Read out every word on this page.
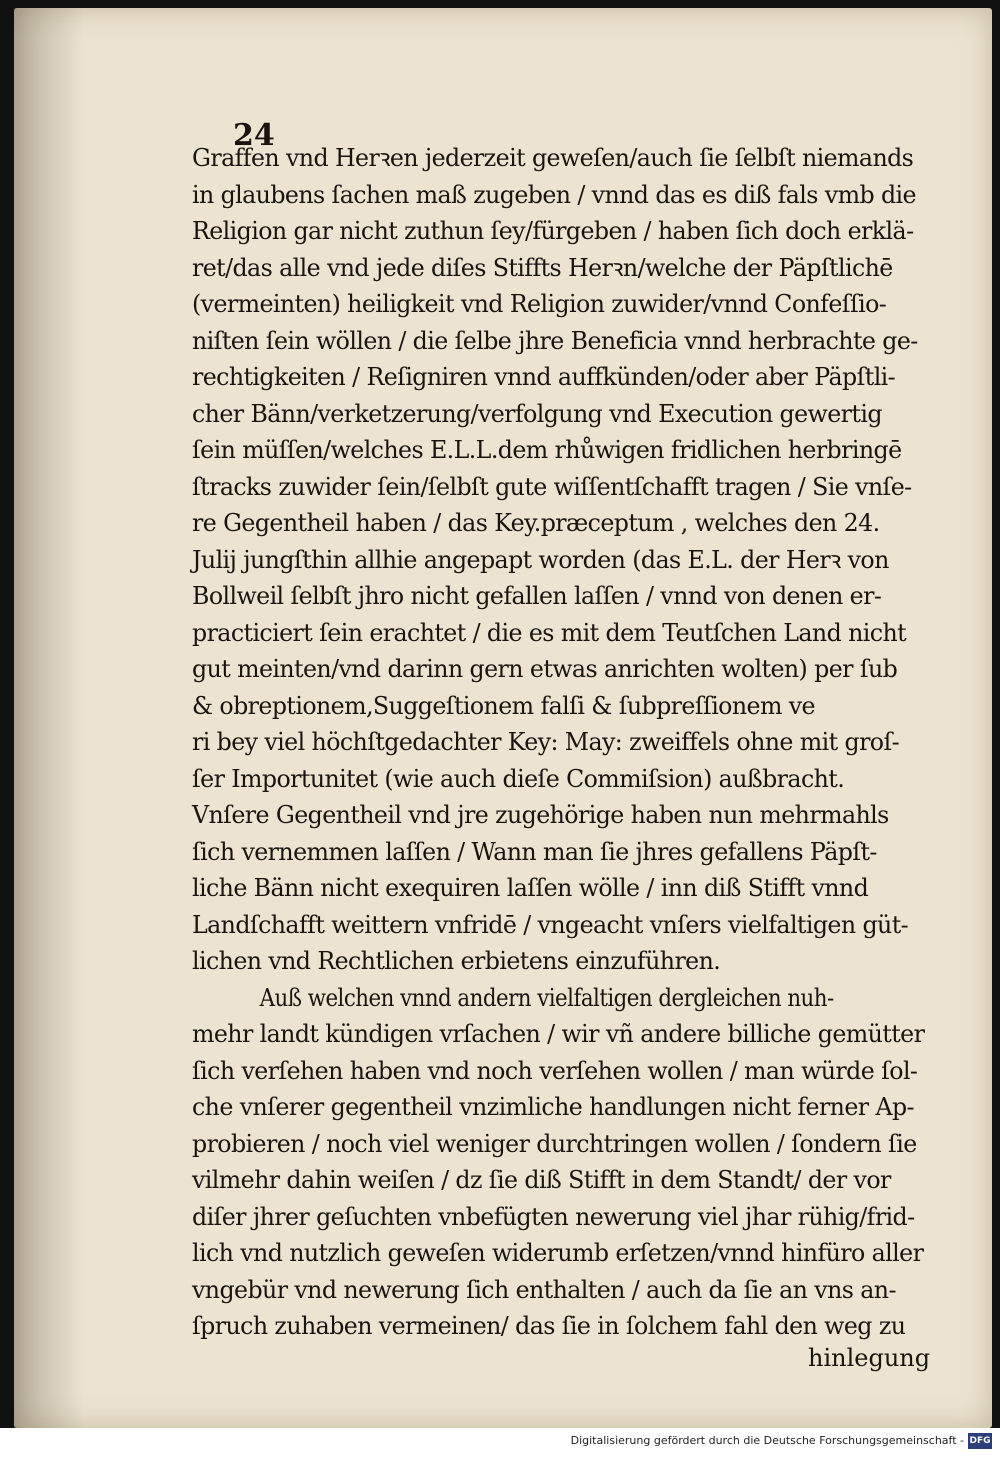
24
Graffen vnd Herꝛen jederzeit geweſen/auch ſie ſelbſt niemands
in glaubens ſachen maß zugeben / vnnd das es diß fals vmb die
Religion gar nicht zuthun ſey/fürgeben / haben ſich doch erklä-
ret/das alle vnd jede diſes Stiffts Herꝛn/welche der Päpſtlichē
(vermeinten) heiligkeit vnd Religion zuwider/vnnd Confeſſio-
niſten ſein wöllen / die ſelbe jhre Beneficia vnnd herbrachte ge-
rechtigkeiten / Reſigniren vnnd auffkünden/oder aber Päpſtli-
cher Bänn/verketzerung/verfolgung vnd Execution gewertig
ſein müſſen/welches E.L.L.dem rhůwigen fridlichen herbringē
ſtracks zuwider ſein/ſelbſt gute wiſſentſchafft tragen / Sie vnſe-
re Gegentheil haben / das Key.præceptum , welches den 24.
Julij jungſthin allhie angepapt worden (das E.L. der Herꝛ von
Bollweil ſelbſt jhro nicht gefallen laſſen / vnnd von denen er-
practiciert ſein erachtet / die es mit dem Teutſchen Land nicht
gut meinten/vnd darinn gern etwas anrichten wolten) per ſub
& obreptionem,Suggeſtionem falſi & ſubpreſſionem ve
ri bey viel höchſtgedachter Key: May: zweiffels ohne mit groſ-
ſer Importunitet (wie auch dieſe Commiſsion) außbracht.
Vnſere Gegentheil vnd jre zugehörige haben nun mehrmahls
ſich vernemmen laſſen / Wann man ſie jhres gefallens Päpſt-
liche Bänn nicht exequiren laſſen wölle / inn diß Stifft vnnd
Landſchafft weittern vnfridē / vngeacht vnſers vielfaltigen güt-
lichen vnd Rechtlichen erbietens einzuführen.
Auß welchen vnnd andern vielfaltigen dergleichen nuh-
mehr landt kündigen vrſachen / wir vñ andere billiche gemütter
ſich verſehen haben vnd noch verſehen wollen / man würde ſol-
che vnſerer gegentheil vnzimliche handlungen nicht ferner Ap-
probieren / noch viel weniger durchtringen wollen / ſondern ſie
vilmehr dahin weiſen / dz ſie diß Stifft in dem Standt/ der vor
diſer jhrer geſuchten vnbefügten newerung viel jhar rühig/frid-
lich vnd nutzlich geweſen widerumb erſetzen/vnnd hinfüro aller
vngebür vnd newerung ſich enthalten / auch da ſie an vns an-
ſpruch zuhaben vermeinen/ das ſie in ſolchem fahl den weg zu
hinlegung
Digitalisierung gefördert durch die Deutsche Forschungsgemeinschaft - DFG
